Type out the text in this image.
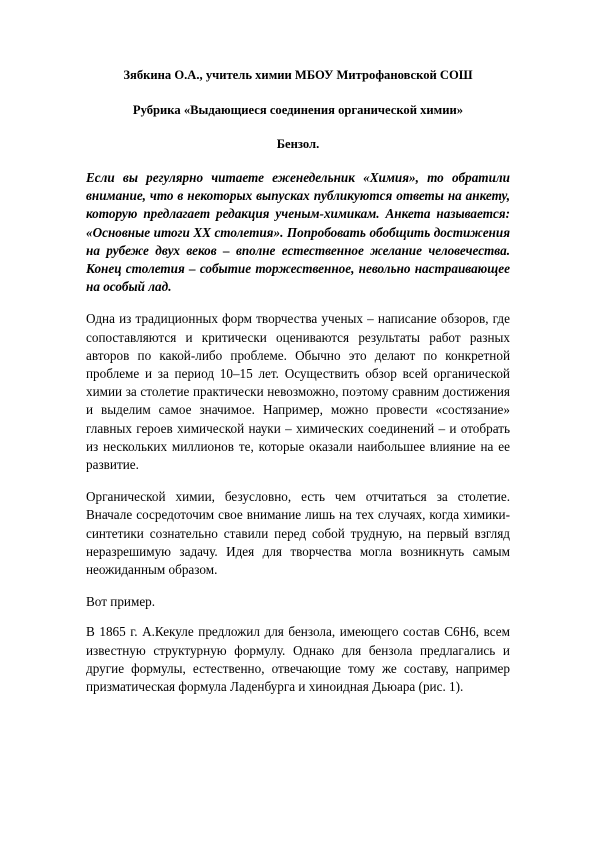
Зябкина О.А., учитель химии МБОУ Митрофановской СОШ

Рубрика «Выдающиеся соединения органической химии»

Бензол.

Если вы регулярно читаете еженедельник «Химия», то обратили внимание, что в некоторых выпусках публикуются ответы на анкету, которую предлагает редакция ученым-химикам. Анкета называется: «Основные итоги XX столетия». Попробовать обобщить достижения на рубеже двух веков – вполне естественное желание человечества. Конец столетия – событие торжественное, невольно настраивающее на особый лад.

Одна из традиционных форм творчества ученых – написание обзоров, где сопоставляются и критически оцениваются результаты работ разных авторов по какой-либо проблеме. Обычно это делают по конкретной проблеме и за период 10–15 лет. Осуществить обзор всей органической химии за столетие практически невозможно, поэтому сравним достижения и выделим самое значимое. Например, можно провести «состязание» главных героев химической науки – химических соединений – и отобрать из нескольких миллионов те, которые оказали наибольшее влияние на ее развитие.

Органической химии, безусловно, есть чем отчитаться за столетие. Вначале сосредоточим свое внимание лишь на тех случаях, когда химики-синтетики сознательно ставили перед собой трудную, на первый взгляд неразрешимую задачу. Идея для творчества могла возникнуть самым неожиданным образом.

Вот пример.

В 1865 г. А.Кекуле предложил для бензола, имеющего состав С6Н6, всем известную структурную формулу. Однако для бензола предлагались и другие формулы, естественно, отвечающие тому же составу, например призматическая формула Ладенбурга и хиноидная Дьюара (рис. 1).
